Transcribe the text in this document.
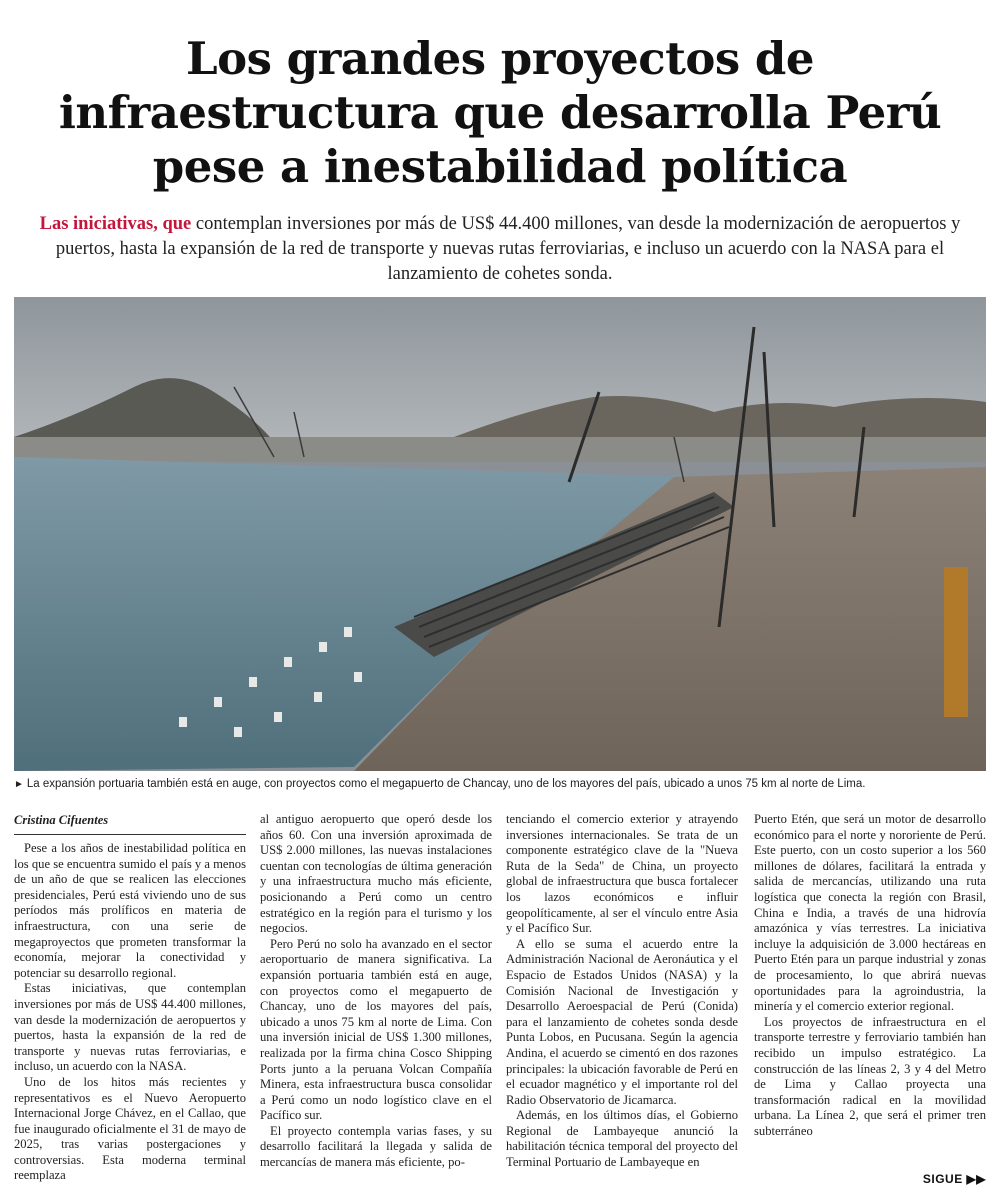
Los grandes proyectos de infraestructura que desarrolla Perú pese a inestabilidad política

Las iniciativas, que contemplan inversiones por más de US$ 44.400 millones, van desde la modernización de aeropuertos y puertos, hasta la expansión de la red de transporte y nuevas rutas ferroviarias, e incluso un acuerdo con la NASA para el lanzamiento de cohetes sonda.

► La expansión portuaria también está en auge, con proyectos como el megapuerto de Chancay, uno de los mayores del país, ubicado a unos 75 km al norte de Lima.
Cristina Cifuentes

Pese a los años de inestabilidad política en los que se encuentra sumido el país y a menos de un año de que se realicen las elecciones presidenciales, Perú está viviendo uno de sus períodos más prolíficos en materia de infraestructura, con una serie de megaproyectos que prometen transformar la economía, mejorar la conectividad y potenciar su desarrollo regional.

Estas iniciativas, que contemplan inversiones por más de US$ 44.400 millones, van desde la modernización de aeropuertos y puertos, hasta la expansión de la red de transporte y nuevas rutas ferroviarias, e incluso, un acuerdo con la NASA.

Uno de los hitos más recientes y representativos es el Nuevo Aeropuerto Internacional Jorge Chávez, en el Callao, que fue inaugurado oficialmente el 31 de mayo de 2025, tras varias postergaciones y controversias. Esta moderna terminal reemplaza

al antiguo aeropuerto que operó desde los años 60. Con una inversión aproximada de US$ 2.000 millones, las nuevas instalaciones cuentan con tecnologías de última generación y una infraestructura mucho más eficiente, posicionando a Perú como un centro estratégico en la región para el turismo y los negocios.

Pero Perú no solo ha avanzado en el sector aeroportuario de manera significativa. La expansión portuaria también está en auge, con proyectos como el megapuerto de Chancay, uno de los mayores del país, ubicado a unos 75 km al norte de Lima. Con una inversión inicial de US$ 1.300 millones, realizada por la firma china Cosco Shipping Ports junto a la peruana Volcan Compañía Minera, esta infraestructura busca consolidar a Perú como un nodo logístico clave en el Pacífico sur.

El proyecto contempla varias fases, y su desarrollo facilitará la llegada y salida de mercancías de manera más eficiente, po-

tenciando el comercio exterior y atrayendo inversiones internacionales. Se trata de un componente estratégico clave de la "Nueva Ruta de la Seda" de China, un proyecto global de infraestructura que busca fortalecer los lazos económicos e influir geopolíticamente, al ser el vínculo entre Asia y el Pacífico Sur.

A ello se suma el acuerdo entre la Administración Nacional de Aeronáutica y el Espacio de Estados Unidos (NASA) y la Comisión Nacional de Investigación y Desarrollo Aeroespacial de Perú (Conida) para el lanzamiento de cohetes sonda desde Punta Lobos, en Pucusana. Según la agencia Andina, el acuerdo se cimentó en dos razones principales: la ubicación favorable de Perú en el ecuador magnético y el importante rol del Radio Observatorio de Jicamarca.

Además, en los últimos días, el Gobierno Regional de Lambayeque anunció la habilitación técnica temporal del proyecto del Terminal Portuario de Lambayeque en

Puerto Etén, que será un motor de desarrollo económico para el norte y nororiente de Perú. Este puerto, con un costo superior a los 560 millones de dólares, facilitará la entrada y salida de mercancías, utilizando una ruta logística que conecta la región con Brasil, China e India, a través de una hidrovía amazónica y vías terrestres. La iniciativa incluye la adquisición de 3.000 hectáreas en Puerto Etén para un parque industrial y zonas de procesamiento, lo que abrirá nuevas oportunidades para la agroindustria, la minería y el comercio exterior regional.

Los proyectos de infraestructura en el transporte terrestre y ferroviario también han recibido un impulso estratégico. La construcción de las líneas 2, 3 y 4 del Metro de Lima y Callao proyecta una transformación radical en la movilidad urbana. La Línea 2, que será el primer tren subterráneo

SIGUE ▶▶
